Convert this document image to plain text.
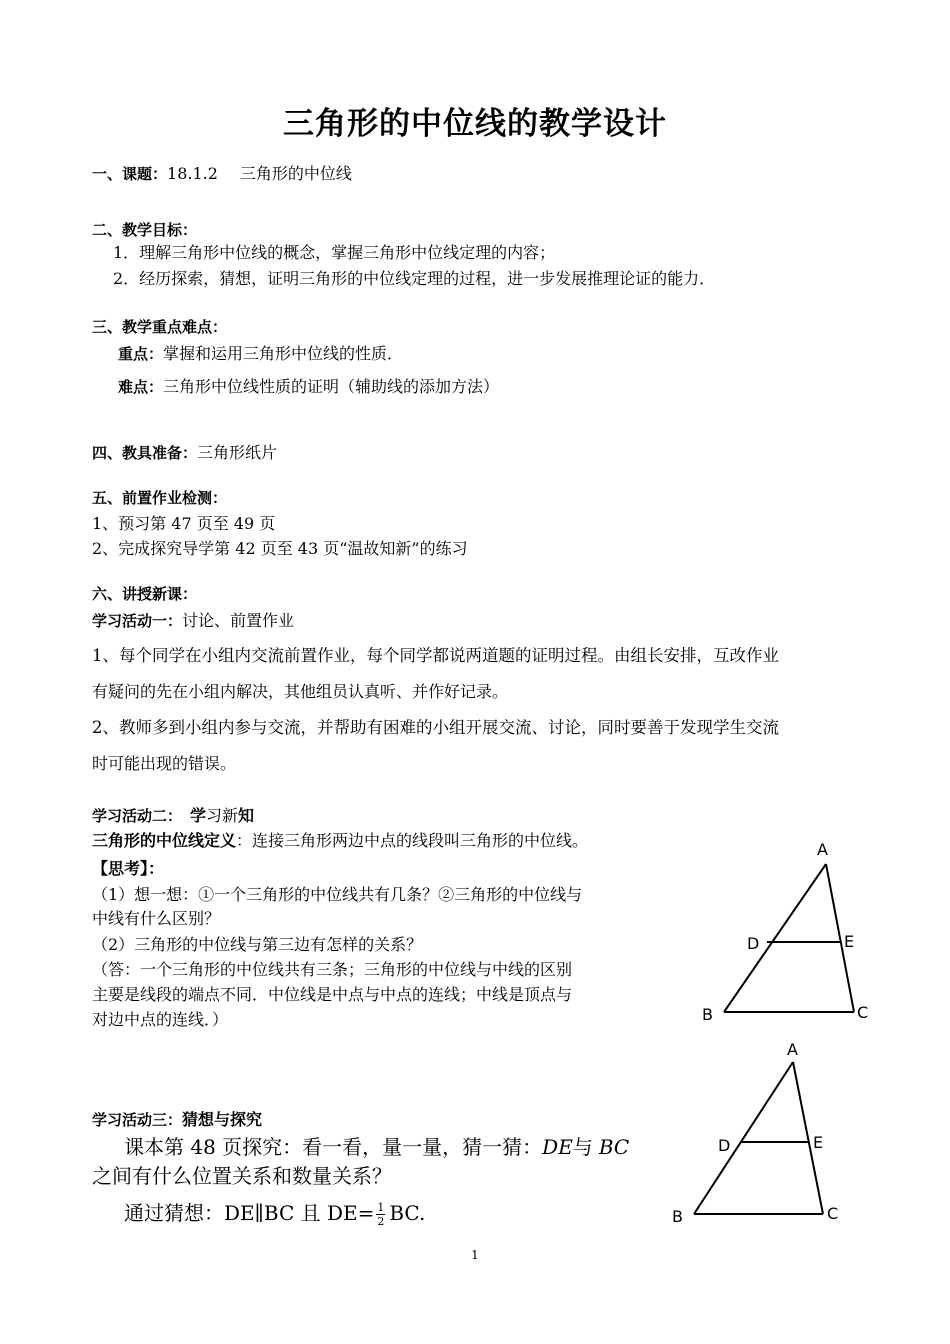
三角形的中位线的教学设计
一、课题：18.1.2 三角形的中位线
二、教学目标：
1．理解三角形中位线的概念，掌握三角形中位线定理的内容；
2．经历探索，猜想，证明三角形的中位线定理的过程，进一步发展推理论证的能力．
三、教学重点难点：
重点：掌握和运用三角形中位线的性质．
难点：三角形中位线性质的证明（辅助线的添加方法）
四、教具准备：三角形纸片
五、前置作业检测：
1、预习第 47 页至 49 页
2、完成探究导学第 42 页至 43 页“温故知新”的练习
六、讲授新课：
学习活动一：讨论、前置作业
1、每个同学在小组内交流前置作业，每个同学都说两道题的证明过程。由组长安排，互改作业
有疑问的先在小组内解决，其他组员认真听、并作好记录。
2、教师多到小组内参与交流，并帮助有困难的小组开展交流、讨论，同时要善于发现学生交流
时可能出现的错误。
学习活动二： 学习新知
三角形的中位线定义：连接三角形两边中点的线段叫三角形的中位线。
【思考】：
（1）想一想：①一个三角形的中位线共有几条？②三角形的中位线与
中线有什么区别？
（2）三角形的中位线与第三边有怎样的关系？
（答：一个三角形的中位线共有三条；三角形的中位线与中线的区别
主要是线段的端点不同．中位线是中点与中点的连线；中线是顶点与
对边中点的连线．）
A
D	E
B	C
学习活动三：猜想与探究
课本第 48 页探究：看一看，量一量，猜一猜：DE与 BC
之间有什么位置关系和数量关系？
通过猜想：DE∥BC 且 $DE= \frac{1}{2}$ BC.
A
D	E
B	C
1
